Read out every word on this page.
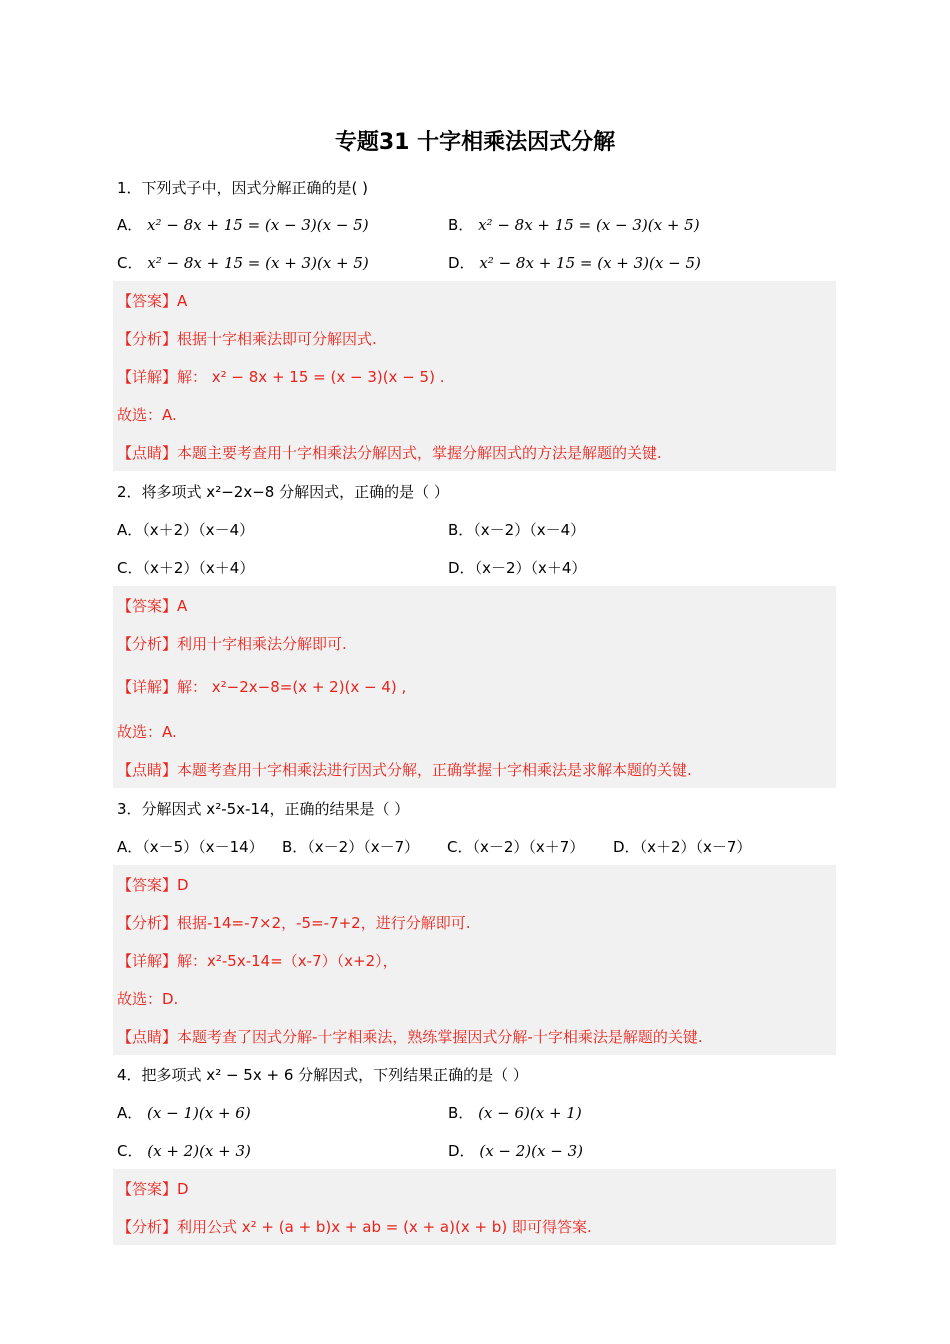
专题31 十字相乘法因式分解
1．下列式子中，因式分解正确的是( )
A． x² − 8x + 15 = (x − 3)(x − 5)	B． x² − 8x + 15 = (x − 3)(x + 5)
C． x² − 8x + 15 = (x + 3)(x + 5)	D． x² − 8x + 15 = (x + 3)(x − 5)
【答案】A
【分析】根据十字相乘法即可分解因式.
【详解】解： x² − 8x + 15 = (x − 3)(x − 5) .
故选：A.
【点睛】本题主要考查用十字相乘法分解因式，掌握分解因式的方法是解题的关键.
2．将多项式 x²−2x−8 分解因式，正确的是（ ）
A．（x＋2）（x－4）	B．（x－2）（x－4）
C．（x＋2）（x＋4）	D．（x－2）（x＋4）
【答案】A
【分析】利用十字相乘法分解即可.
【详解】解： x²−2x−8=(x + 2)(x − 4) ,
故选：A.
【点睛】本题考查用十字相乘法进行因式分解，正确掌握十字相乘法是求解本题的关键.
3．分解因式 x²-5x-14，正确的结果是（ ）
A．（x－5）（x－14） B．（x－2）（x－7） C．（x－2）（x＋7） D．（x＋2）（x－7）
【答案】D
【分析】根据-14=-7×2，-5=-7+2，进行分解即可.
【详解】解：x²-5x-14=（x-7）（x+2），
故选：D.
【点睛】本题考查了因式分解-十字相乘法，熟练掌握因式分解-十字相乘法是解题的关键.
4．把多项式 x² − 5x + 6 分解因式，下列结果正确的是（ ）
A． (x − 1)(x + 6)	B． (x − 6)(x + 1)
C． (x + 2)(x + 3)	D． (x − 2)(x − 3)
【答案】D
【分析】利用公式 x² + (a + b)x + ab = (x + a)(x + b) 即可得答案.
